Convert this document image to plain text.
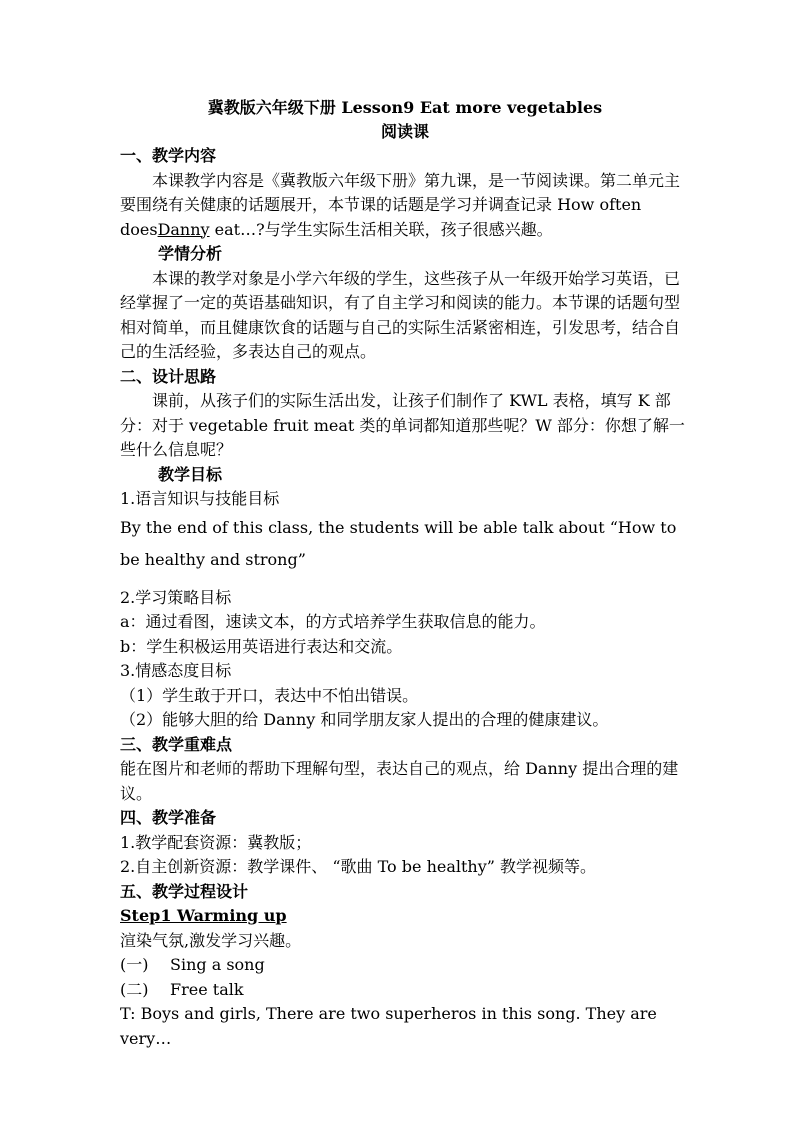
冀教版六年级下册 Lesson9 Eat more vegetables
阅读课

一、教学内容

本课教学内容是《冀教版六年级下册》第九课，是一节阅读课。第二单元主要围绕有关健康的话题展开，本节课的话题是学习并调查记录 How often doesDanny eat…?与学生实际生活相关联，孩子很感兴趣。

学情分析

本课的教学对象是小学六年级的学生，这些孩子从一年级开始学习英语，已经掌握了一定的英语基础知识，有了自主学习和阅读的能力。本节课的话题句型相对简单，而且健康饮食的话题与自己的实际生活紧密相连，引发思考，结合自己的生活经验，多表达自己的观点。

二、设计思路

课前，从孩子们的实际生活出发，让孩子们制作了 KWL 表格，填写 K 部分：对于 vegetable fruit meat 类的单词都知道那些呢？W 部分：你想了解一些什么信息呢？

教学目标

1.语言知识与技能目标

By the end of this class, the students will be able talk about “How to be healthy and strong”

2.学习策略目标

a：通过看图，速读文本，的方式培养学生获取信息的能力。

b：学生积极运用英语进行表达和交流。

3.情感态度目标

（1）学生敢于开口，表达中不怕出错误。

（2）能够大胆的给 Danny 和同学朋友家人提出的合理的健康建议。

三、教学重难点

能在图片和老师的帮助下理解句型，表达自己的观点，给 Danny 提出合理的建议。

四、教学准备

1.教学配套资源：冀教版；

2.自主创新资源：教学课件、 “歌曲 To be healthy” 教学视频等。

五、教学过程设计

Step1 Warming up

渲染气氛,激发学习兴趣。

(一)	Sing a song
(二)	Free talk

T: Boys and girls, There are two superheros in this song. They are very…
